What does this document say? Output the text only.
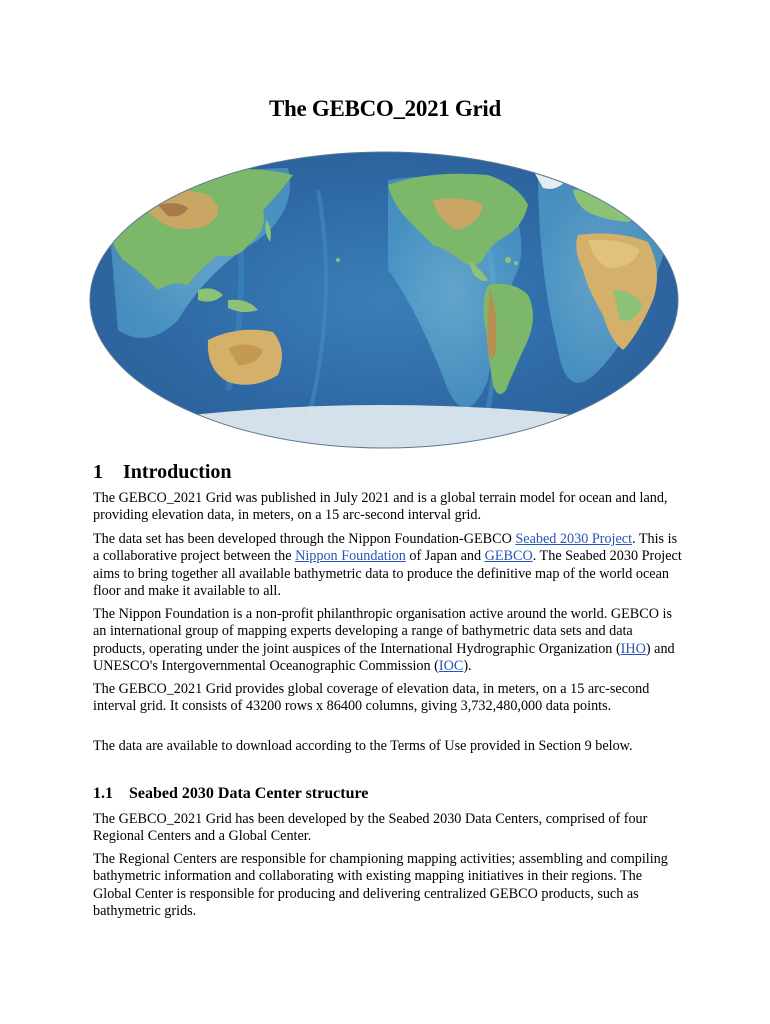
The GEBCO_2021 Grid
1 Introduction
The GEBCO_2021 Grid was published in July 2021 and is a global terrain model for ocean and land, providing elevation data, in meters, on a 15 arc-second interval grid.
The data set has been developed through the Nippon Foundation-GEBCO Seabed 2030 Project. This is a collaborative project between the Nippon Foundation of Japan and GEBCO. The Seabed 2030 Project aims to bring together all available bathymetric data to produce the definitive map of the world ocean floor and make it available to all.
The Nippon Foundation is a non-profit philanthropic organisation active around the world. GEBCO is an international group of mapping experts developing a range of bathymetric data sets and data products, operating under the joint auspices of the International Hydrographic Organization (IHO) and UNESCO's Intergovernmental Oceanographic Commission (IOC).
The GEBCO_2021 Grid provides global coverage of elevation data, in meters, on a 15 arc-second interval grid. It consists of 43200 rows x 86400 columns, giving 3,732,480,000 data points.
The data are available to download according to the Terms of Use provided in Section 9 below.
1.1 Seabed 2030 Data Center structure
The GEBCO_2021 Grid has been developed by the Seabed 2030 Data Centers, comprised of four Regional Centers and a Global Center.
The Regional Centers are responsible for championing mapping activities; assembling and compiling bathymetric information and collaborating with existing mapping initiatives in their regions. The Global Center is responsible for producing and delivering centralized GEBCO products, such as bathymetric grids.
